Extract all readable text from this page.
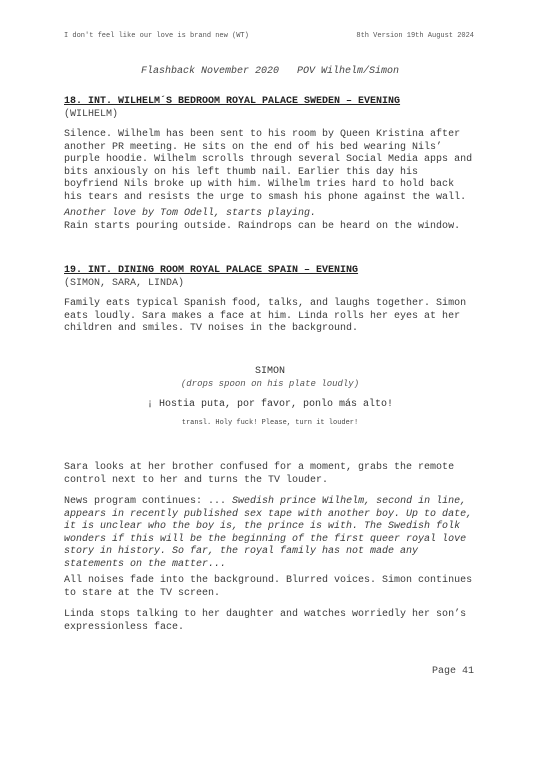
I don't feel like our love is brand new (WT)	8th Version 19th August 2024
Flashback November 2020   POV Wilhelm/Simon
18. INT. WILHELM´S BEDROOM ROYAL PALACE SWEDEN – EVENING
(WILHELM)

Silence. Wilhelm has been sent to his room by Queen Kristina after another PR meeting. He sits on the end of his bed wearing Nils’ purple hoodie. Wilhelm scrolls through several Social Media apps and bits anxiously on his left thumb nail. Earlier this day his boyfriend Nils broke up with him. Wilhelm tries hard to hold back his tears and resists the urge to smash his phone against the wall.

Another love by Tom Odell, starts playing.

Rain starts pouring outside. Raindrops can be heard on the window.

19. INT. DINING ROOM ROYAL PALACE SPAIN – EVENING
(SIMON, SARA, LINDA)

Family eats typical Spanish food, talks, and laughs together. Simon eats loudly. Sara makes a face at him. Linda rolls her eyes at her children and smiles. TV noises in the background.

SIMON
(drops spoon on his plate loudly)
¡ Hostia puta, por favor, ponlo más alto!
transl. Holy fuck! Please, turn it louder!

Sara looks at her brother confused for a moment, grabs the remote control next to her and turns the TV louder.

News program continues: ... Swedish prince Wilhelm, second in line, appears in recently published sex tape with another boy. Up to date, it is unclear who the boy is, the prince is with. The Swedish folk wonders if this will be the beginning of the first queer royal love story in history. So far, the royal family has not made any statements on the matter...

All noises fade into the background. Blurred voices. Simon continues to stare at the TV screen.

Linda stops talking to her daughter and watches worriedly her son’s expressionless face.

Page 41
